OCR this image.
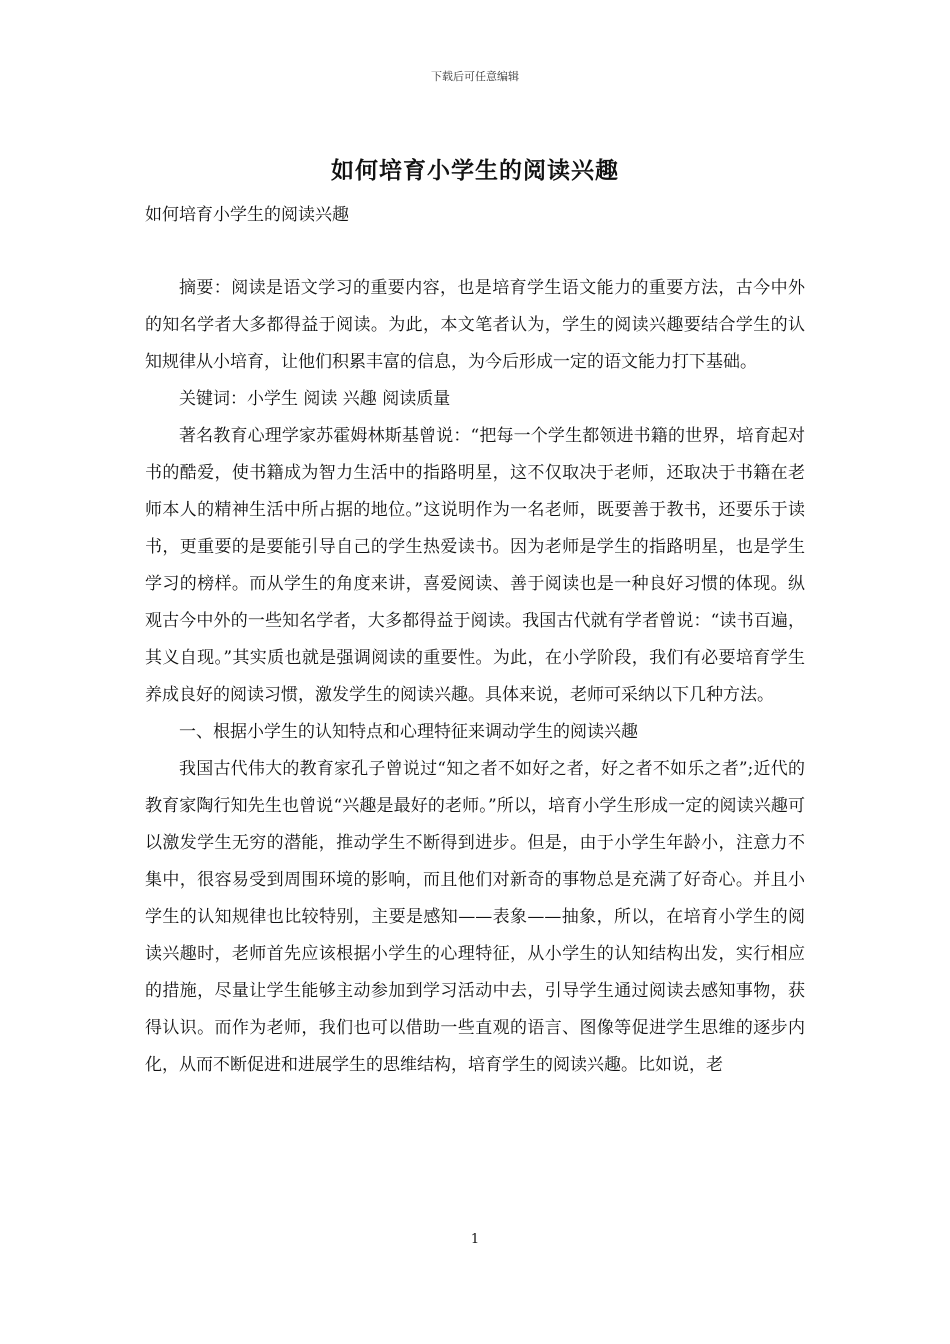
下载后可任意编辑
如何培育小学生的阅读兴趣
如何培育小学生的阅读兴趣

摘要：阅读是语文学习的重要内容，也是培育学生语文能力的重要方法，古今中外的知名学者大多都得益于阅读。为此，本文笔者认为，学生的阅读兴趣要结合学生的认知规律从小培育，让他们积累丰富的信息，为今后形成一定的语文能力打下基础。

关键词：小学生 阅读 兴趣 阅读质量

著名教育心理学家苏霍姆林斯基曾说：“把每一个学生都领进书籍的世界，培育起对书的酷爱，使书籍成为智力生活中的指路明星，这不仅取决于老师，还取决于书籍在老师本人的精神生活中所占据的地位。”这说明作为一名老师，既要善于教书，还要乐于读书，更重要的是要能引导自己的学生热爱读书。因为老师是学生的指路明星，也是学生学习的榜样。而从学生的角度来讲，喜爱阅读、善于阅读也是一种良好习惯的体现。纵观古今中外的一些知名学者，大多都得益于阅读。我国古代就有学者曾说：“读书百遍，其义自现。”其实质也就是强调阅读的重要性。为此，在小学阶段，我们有必要培育学生养成良好的阅读习惯，激发学生的阅读兴趣。具体来说，老师可采纳以下几种方法。

一、根据小学生的认知特点和心理特征来调动学生的阅读兴趣

我国古代伟大的教育家孔子曾说过“知之者不如好之者，好之者不如乐之者”;近代的教育家陶行知先生也曾说“兴趣是最好的老师。”所以，培育小学生形成一定的阅读兴趣可以激发学生无穷的潜能，推动学生不断得到进步。但是，由于小学生年龄小，注意力不集中，很容易受到周围环境的影响，而且他们对新奇的事物总是充满了好奇心。并且小学生的认知规律也比较特别，主要是感知——表象——抽象，所以，在培育小学生的阅读兴趣时，老师首先应该根据小学生的心理特征，从小学生的认知结构出发，实行相应的措施，尽量让学生能够主动参加到学习活动中去，引导学生通过阅读去感知事物，获得认识。而作为老师，我们也可以借助一些直观的语言、图像等促进学生思维的逐步内化，从而不断促进和进展学生的思维结构，培育学生的阅读兴趣。比如说，老

1
